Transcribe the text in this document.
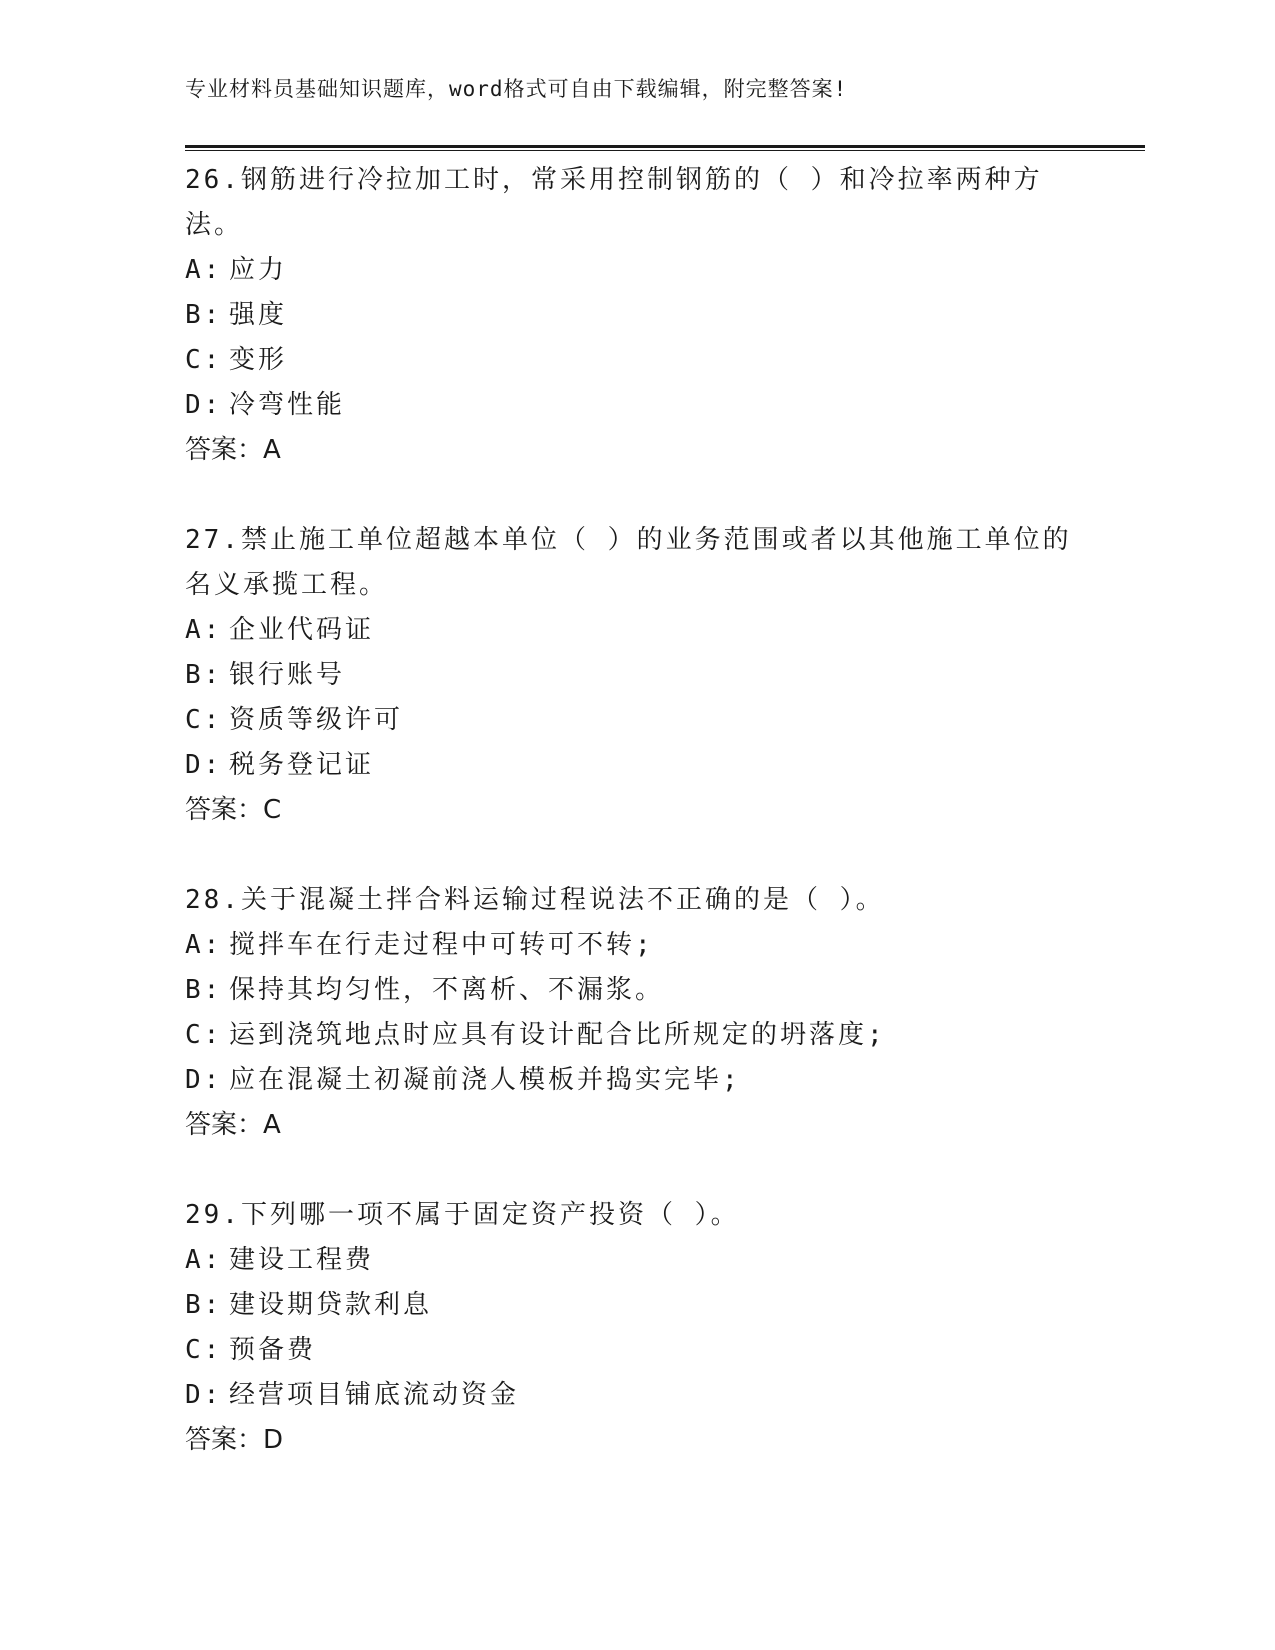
专业材料员基础知识题库，word格式可自由下载编辑，附完整答案!

26.钢筋进行冷拉加工时，常采用控制钢筋的（ ）和冷拉率两种方法。

A: 应力

B: 强度

C: 变形

D: 冷弯性能

答案：A

27.禁止施工单位超越本单位（ ）的业务范围或者以其他施工单位的名义承揽工程。

A: 企业代码证

B: 银行账号

C: 资质等级许可

D: 税务登记证

答案：C

28.关于混凝土拌合料运输过程说法不正确的是（ ）。

A: 搅拌车在行走过程中可转可不转;

B: 保持其均匀性，不离析、不漏浆。

C: 运到浇筑地点时应具有设计配合比所规定的坍落度;

D: 应在混凝土初凝前浇人模板并捣实完毕;

答案：A

29.下列哪一项不属于固定资产投资（ ）。

A: 建设工程费

B: 建设期贷款利息

C: 预备费

D: 经营项目铺底流动资金

答案：D
